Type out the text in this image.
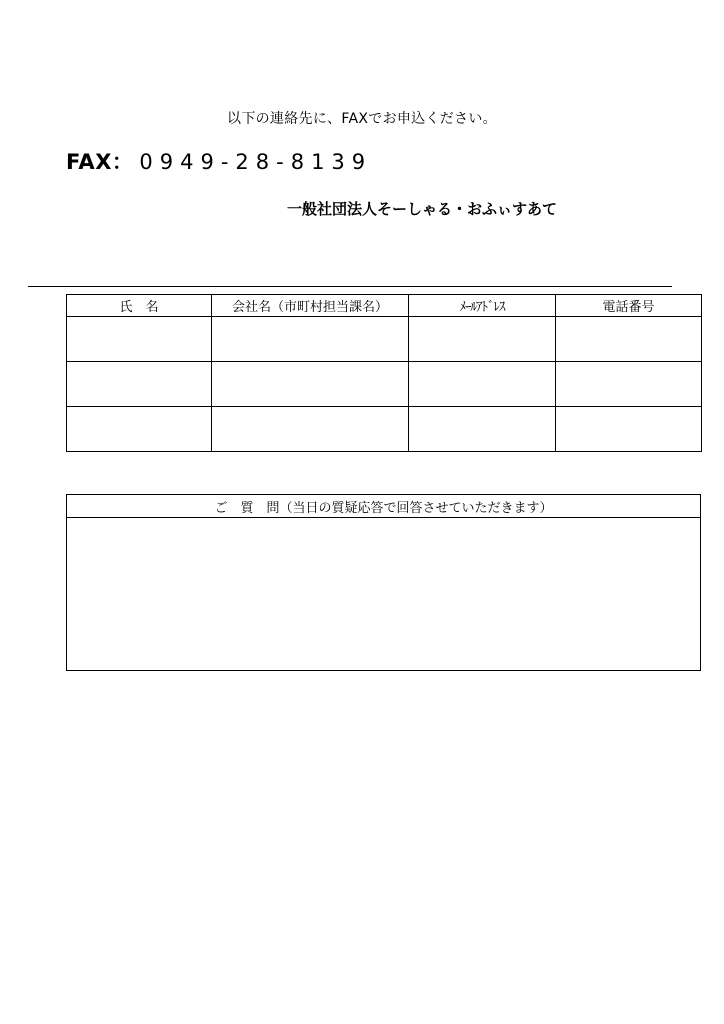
以下の連絡先に、FAXでお申込ください。
FAX： 0949-28-8139
一般社団法人そーしゃる・おふぃすあて
氏　名	会社名（市町村担当課名）	ﾒｰﾙｱﾄﾞﾚｽ	電話番号

ご　質　問（当日の質疑応答で回答させていただきます）
